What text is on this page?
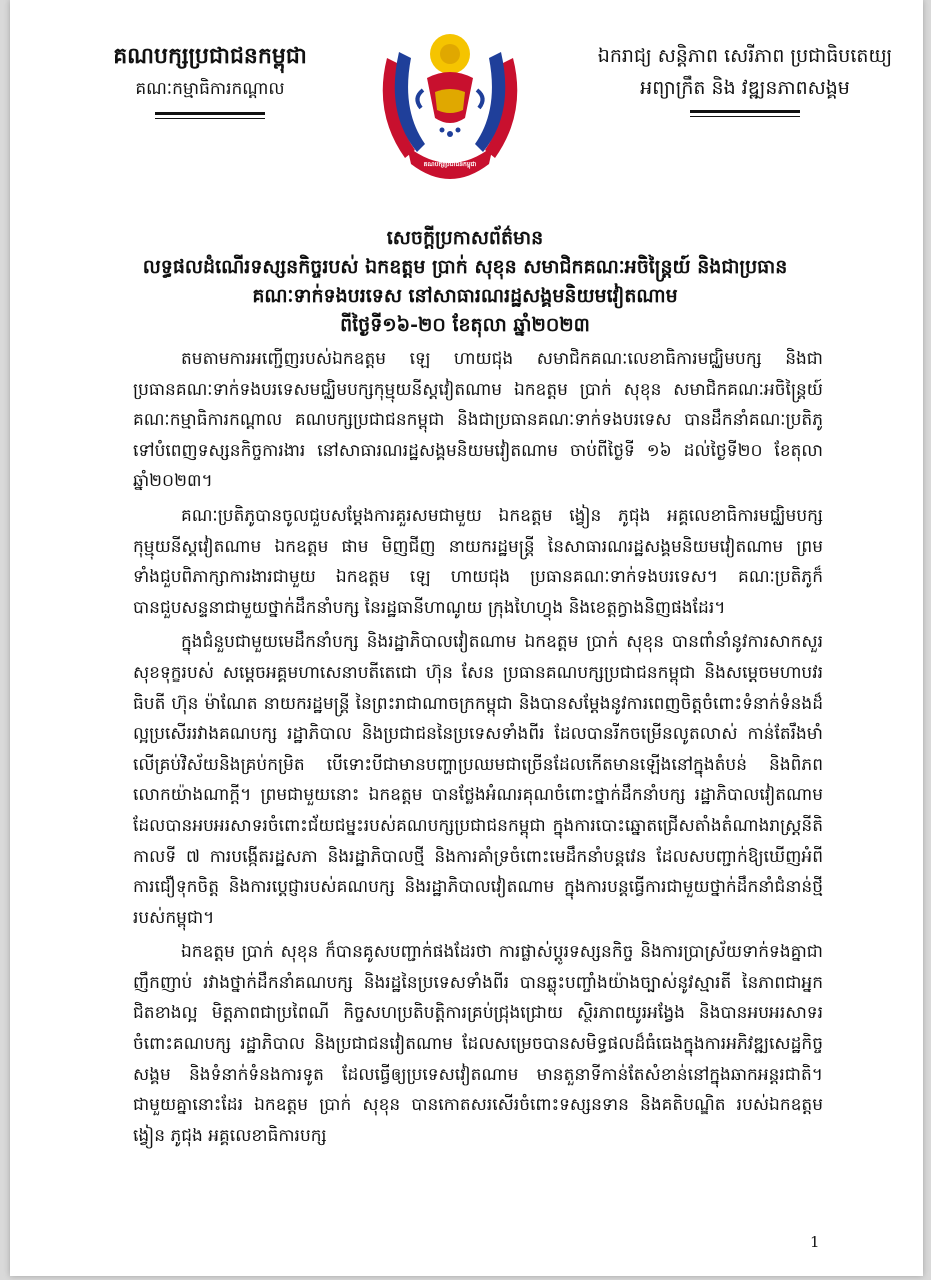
គណបក្សប្រជាជនកម្ពុជា
គណៈកម្មាធិការកណ្ដាល
គណបក្សប្រជាជនកម្ពុជា
ឯករាជ្យ សន្តិភាព សេរីភាព ប្រជាធិបតេយ្យ
អព្យាក្រឹត និង វឌ្ឍនភាពសង្គម
សេចក្ដីប្រកាសព័ត៌មាន
លទ្ធផលដំណើរទស្សនកិច្ចរបស់ ឯកឧត្ដម ប្រាក់ សុខុន សមាជិកគណៈអចិន្ត្រៃយ៍ និងជាប្រធាន
គណៈទាក់ទងបរទេស នៅសាធារណរដ្ឋសង្គមនិយមវៀតណាម
ពីថ្ងៃទី១៦-២០ ខែតុលា ឆ្នាំ២០២៣

តមតាមការអញ្ជើញរបស់ឯកឧត្ដម ឡេ ហាយជុង សមាជិកគណៈលេខាធិការមជ្ឈិមបក្ស និងជាប្រធានគណៈទាក់ទងបរទេសមជ្ឈិមបក្សកុម្មុយនីស្ដវៀតណាម ឯកឧត្ដម ប្រាក់ សុខុន សមាជិកគណៈអចិន្ត្រៃយ៍ គណៈកម្មាធិការកណ្ដាល គណបក្សប្រជាជនកម្ពុជា និងជាប្រធានគណៈទាក់ទងបរទេស បានដឹកនាំគណៈប្រតិភូ ទៅបំពេញទស្សនកិច្ចការងារ នៅសាធារណរដ្ឋសង្គមនិយមវៀតណាម ចាប់ពីថ្ងៃទី ១៦ ដល់ថ្ងៃទី២០ ខែតុលា ឆ្នាំ២០២៣។

គណៈប្រតិភូបានចូលជួបសម្ដែងការគួរសមជាមួយ ឯកឧត្ដម ង្វៀន ភូជុង អគ្គលេខាធិការមជ្ឈិមបក្សកុម្មុយនីស្ដវៀតណាម ឯកឧត្ដម ផាម មិញជីញ នាយករដ្ឋមន្ត្រី នៃសាធារណរដ្ឋសង្គមនិយមវៀតណាម ព្រមទាំងជួបពិភាក្សាការងារជាមួយ ឯកឧត្ដម ឡេ ហាយជុង ប្រធានគណៈទាក់ទងបរទេស។ គណៈប្រតិភូក៏បានជួបសន្ទនាជាមួយថ្នាក់ដឹកនាំបក្ស នៃរដ្ឋធានីហាណូយ ក្រុងហៃហ្វុង និងខេត្តក្វាងនិញផងដែរ។

ក្នុងជំនួបជាមួយមេដឹកនាំបក្ស និងរដ្ឋាភិបាលវៀតណាម ឯកឧត្ដម ប្រាក់ សុខុន បានពាំនាំនូវការសាកសួរសុខទុក្ខរបស់ សម្ដេចអគ្គមហាសេនាបតីតេជោ ហ៊ុន សែន ប្រធានគណបក្សប្រជាជនកម្ពុជា និងសម្ដេចមហាបវរធិបតី ហ៊ុន ម៉ាណែត នាយករដ្ឋមន្ត្រី នៃព្រះរាជាណាចក្រកម្ពុជា និងបានសម្ដែងនូវការពេញចិត្តចំពោះទំនាក់ទំនងដ៏ល្អប្រសើររវាងគណបក្ស រដ្ឋាភិបាល និងប្រជាជននៃប្រទេសទាំងពីរ ដែលបានរីកចម្រើនលូតលាស់ កាន់តែរឹងមាំ លើគ្រប់វិស័យនិងគ្រប់កម្រិត បើទោះបីជាមានបញ្ហាប្រឈមជាច្រើនដែលកើតមានឡើងនៅក្នុងតំបន់ និងពិភពលោកយ៉ាងណាក្ដី។ ព្រមជាមួយនោះ ឯកឧត្ដម បានថ្លែងអំណរគុណចំពោះថ្នាក់ដឹកនាំបក្ស រដ្ឋាភិបាលវៀតណាម ដែលបានអបអរសាទរចំពោះជ័យជម្នះរបស់គណបក្សប្រជាជនកម្ពុជា ក្នុងការបោះឆ្នោតជ្រើសតាំងតំណាងរាស្ដ្រនីតិកាលទី ៧ ការបង្កើតរដ្ឋសភា និងរដ្ឋាភិបាលថ្មី និងការគាំទ្រចំពោះមេដឹកនាំបន្តវេន ដែលសបញ្ជាក់ឱ្យឃើញអំពីការជឿទុកចិត្ត និងការប្ដេជ្ញារបស់គណបក្ស និងរដ្ឋាភិបាលវៀតណាម ក្នុងការបន្តធ្វើការជាមួយថ្នាក់ដឹកនាំជំនាន់ថ្មីរបស់កម្ពុជា។

ឯកឧត្ដម ប្រាក់ សុខុន ក៏បានគូសបញ្ជាក់ផងដែរថា ការផ្លាស់ប្ដូរទស្សនកិច្ច និងការប្រាស្រ័យទាក់ទងគ្នាជាញឹកញាប់ រវាងថ្នាក់ដឹកនាំគណបក្ស និងរដ្ឋនៃប្រទេសទាំងពីរ បានឆ្លុះបញ្ចាំងយ៉ាងច្បាស់នូវស្មារតី នៃភាពជាអ្នកជិតខាងល្អ មិត្តភាពជាប្រពៃណី កិច្ចសហប្រតិបត្តិការគ្រប់ជ្រុងជ្រោយ ស្ថិរភាពយូរអង្វែង និងបានអបអរសាទរ ចំពោះគណបក្ស រដ្ឋាភិបាល និងប្រជាជនវៀតណាម ដែលសម្រេចបានសមិទ្ធផលដ៏ធំធេងក្នុងការអភិវឌ្ឍសេដ្ឋកិច្ច សង្គម និងទំនាក់ទំនងការទូត ដែលធ្វើឲ្យប្រទេសវៀតណាម មានតួនាទីកាន់តែសំខាន់នៅក្នុងឆាកអន្តរជាតិ។ ជាមួយគ្នានោះដែរ ឯកឧត្ដម ប្រាក់ សុខុន បានកោតសរសើរចំពោះទស្សនទាន និងគតិបណ្ឌិត របស់ឯកឧត្ដម ង្វៀន ភូជុង អគ្គលេខាធិការបក្ស

1
